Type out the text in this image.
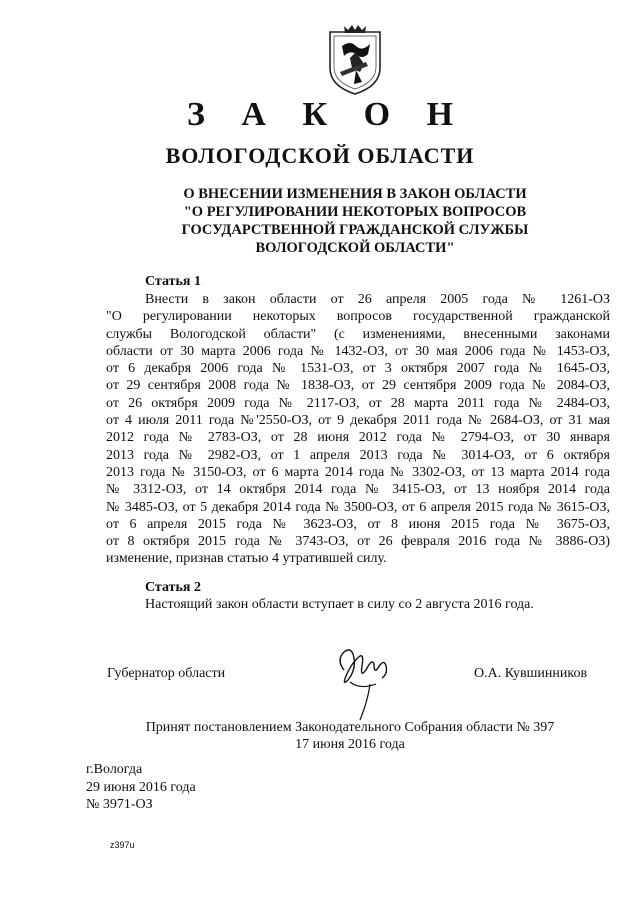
З А К О Н
ВОЛОГОДСКОЙ ОБЛАСТИ
О ВНЕСЕНИИ ИЗМЕНЕНИЯ В ЗАКОН ОБЛАСТИ
"О РЕГУЛИРОВАНИИ НЕКОТОРЫХ ВОПРОСОВ
ГОСУДАРСТВЕННОЙ ГРАЖДАНСКОЙ СЛУЖБЫ
ВОЛОГОДСКОЙ ОБЛАСТИ"
Статья 1
Внести в закон области от 26 апреля 2005 года № 1261-ОЗ
"О регулировании некоторых вопросов государственной гражданской
службы Вологодской области" (с изменениями, внесенными законами
области от 30 марта 2006 года № 1432-ОЗ, от 30 мая 2006 года № 1453-ОЗ,
от 6 декабря 2006 года № 1531-ОЗ, от 3 октября 2007 года № 1645-ОЗ,
от 29 сентября 2008 года № 1838-ОЗ, от 29 сентября 2009 года № 2084-ОЗ,
от 26 октября 2009 года № 2117-ОЗ, от 28 марта 2011 года № 2484-ОЗ,
от 4 июля 2011 года №'2550-ОЗ, от 9 декабря 2011 года № 2684-ОЗ, от 31 мая
2012 года № 2783-ОЗ, от 28 июня 2012 года № 2794-ОЗ, от 30 января
2013 года № 2982-ОЗ, от 1 апреля 2013 года № 3014-ОЗ, от 6 октября
2013 года № 3150-ОЗ, от 6 марта 2014 года № 3302-ОЗ, от 13 марта 2014 года
№ 3312-ОЗ, от 14 октября 2014 года № 3415-ОЗ, от 13 ноября 2014 года
№ 3485-ОЗ, от 5 декабря 2014 года № 3500-ОЗ, от 6 апреля 2015 года № 3615-ОЗ,
от 6 апреля 2015 года № 3623-ОЗ, от 8 июня 2015 года № 3675-ОЗ,
от 8 октября 2015 года № 3743-ОЗ, от 26 февраля 2016 года № 3886-ОЗ)
изменение, признав статью 4 утратившей силу.
Статья 2
Настоящий закон области вступает в силу со 2 августа 2016 года.
Губернатор области	О.А. Кувшинников
Принят постановлением Законодательного Собрания области № 397
17 июня 2016 года
г.Вологда
29 июня 2016 года
№ 3971-ОЗ
z397u
